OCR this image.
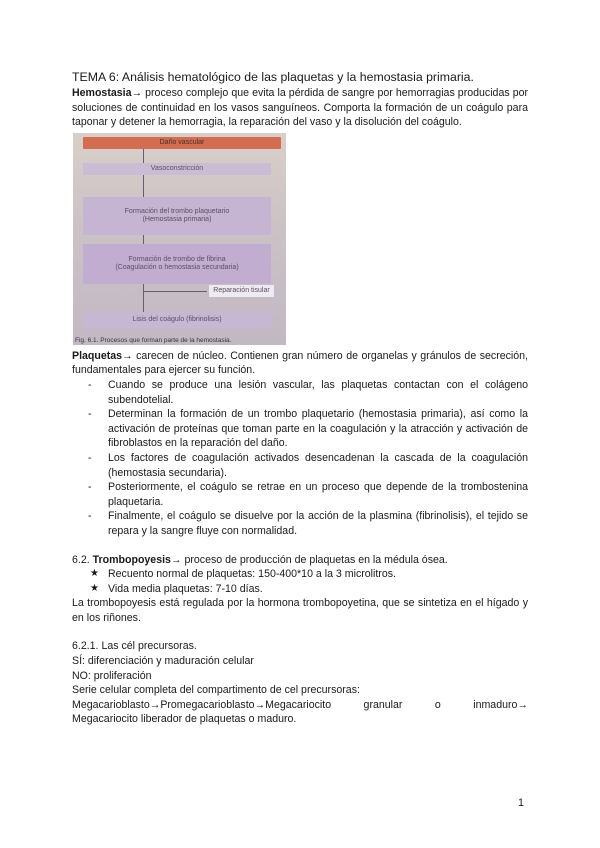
TEMA 6: Análisis hematológico de las plaquetas y la hemostasia primaria.

Hemostasia→ proceso complejo que evita la pérdida de sangre por hemorragias producidas por soluciones de continuidad en los vasos sanguíneos. Comporta la formación de un coágulo para taponar y detener la hemorragia, la reparación del vaso y la disolución del coágulo.

Daño vascular
Vasoconstricción
Formación del trombo plaquetario
(Hemostasia primaria)
Formación de trombo de fibrina
(Coagulación o hemostasia secundaria)
Reparación tisular
Lisis del coágulo (fibrinolisis)
Fig. 6.1. Procesos que forman parte de la hemostasia.

Plaquetas→ carecen de núcleo. Contienen gran número de organelas y gránulos de secreción, fundamentales para ejercer su función.

- Cuando se produce una lesión vascular, las plaquetas contactan con el colágeno subendotelial.
- Determinan la formación de un trombo plaquetario (hemostasia primaria), así como la activación de proteínas que toman parte en la coagulación y la atracción y activación de fibroblastos en la reparación del daño.
- Los factores de coagulación activados desencadenan la cascada de la coagulación (hemostasia secundaria).
- Posteriormente, el coágulo se retrae en un proceso que depende de la trombostenina plaquetaria.
- Finalmente, el coágulo se disuelve por la acción de la plasmina (fibrinolisis), el tejido se repara y la sangre fluye con normalidad.

6.2. Trombopoyesis→ proceso de producción de plaquetas en la médula ósea.

★ Recuento normal de plaquetas: 150-400*10 a la 3 microlitros.
★ Vida media plaquetas: 7-10 días.

La trombopoyesis está regulada por la hormona trombopoyetina, que se sintetiza en el hígado y en los riñones.

6.2.1. Las cél precursoras.

SÍ: diferenciación y maduración celular

NO: proliferación

Serie celular completa del compartimento de cel precursoras:

Megacarioblasto→Promegacarioblasto→Megacariocito	granular	o	inmaduro→

Megacariocito liberador de plaquetas o maduro.

1
